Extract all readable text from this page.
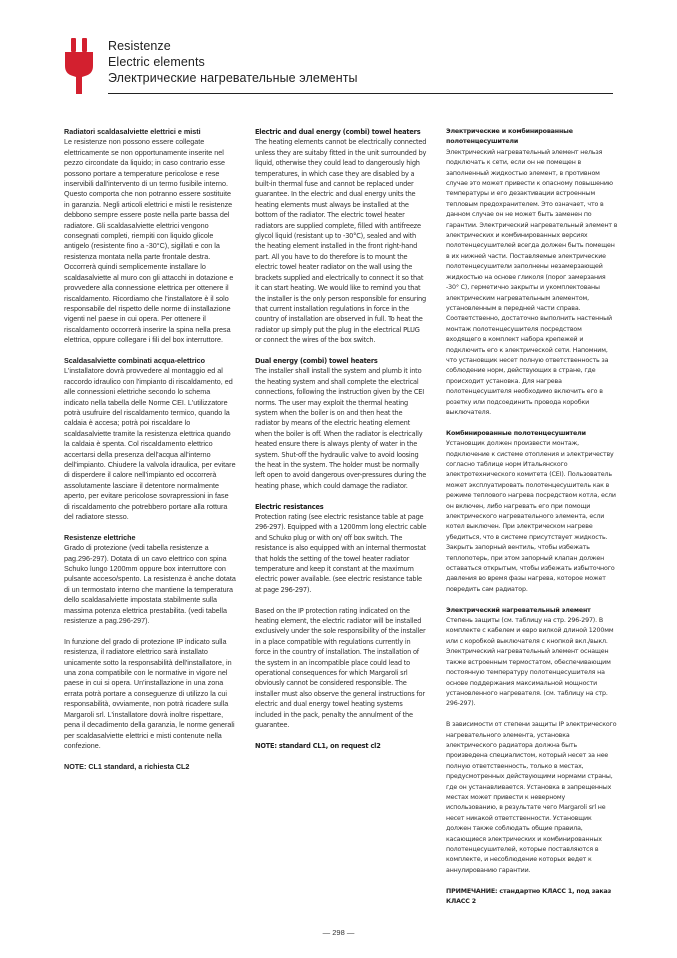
Resistenze
Electric elements
Электрические нагревательные элементы
Radiatori scaldasalviette elettrici e misti

Le resistenze non possono essere collegate elettricamente se non opportunamente inserite nel pezzo circondate da liquido; in caso contrario esse possono portare a temperature pericolose e rese inservibili dall'intervento di un termo fusibile interno. Questo comporta che non potranno essere sostituite in garanzia. Negli articoli elettrici e misti le resistenze debbono sempre essere poste nella parte bassa del radiatore. Gli scaldasalviette elettrici vengono consegnati completi, riempiti con liquido glicole antigelo (resistente fino a -30°C), sigillati e con la resistenza montata nella parte frontale destra. Occorrerà quindi semplicemente installare lo scaldasalviette al muro con gli attacchi in dotazione e provvedere alla connessione elettrica per ottenere il riscaldamento. Ricordiamo che l'installatore è il solo responsabile del rispetto delle norme di installazione vigenti nel paese in cui opera. Per ottenere il riscaldamento occorrerà inserire la spina nella presa elettrica, oppure collegare i fili del box interruttore.

Scaldasalviette combinati acqua-elettrico

L'installatore dovrà provvedere al montaggio ed al raccordo idraulico con l'impianto di riscaldamento, ed alle connessioni elettriche secondo lo schema indicato nella tabella delle Norme CEI. L'utilizzatore potrà usufruire del riscaldamento termico, quando la caldaia è accesa; potrà poi riscaldare lo scaldasalviette tramite la resistenza elettrica quando la caldaia è spenta. Col riscaldamento elettrico accertarsi della presenza dell'acqua all'interno dell'impianto. Chiudere la valvola idraulica, per evitare di disperdere il calore nell'impianto ed occorrerà assolutamente lasciare il detentore normalmente aperto, per evitare pericolose sovrapressioni in fase di riscaldamento che potrebbero portare alla rottura del radiatore stesso.

Resistenze elettriche

Grado di protezione (vedi tabella resistenze a pag.296-297). Dotata di un cavo elettrico con spina Schuko lungo 1200mm oppure box interruttore con pulsante acceso/spento. La resistenza è anche dotata di un termostato interno che mantiene la temperatura dello scaldasalviette impostata stabilmente sulla massima potenza elettrica prestabilita. (vedi tabella resistenze a pag.296-297).

In funzione del grado di protezione IP indicato sulla resistenza, il radiatore elettrico sarà installato unicamente sotto la responsabilità dell'installatore, in una zona compatibile con le normative in vigore nel paese in cui si opera. Un'installazione in una zona errata potrà portare a conseguenze di utilizzo la cui responsabilità, ovviamente, non potrà ricadere sulla Margaroli srl. L'installatore dovrà inoltre rispettare, pena il decadimento della garanzia, le norme generali per scaldasalviette elettrici e misti contenute nella confezione.

NOTE: CL1 standard, a richiesta CL2

Electric and dual energy (combi) towel heaters

The heating elements cannot be electrically connected unless they are suitaby fitted in the unit surrounded by liquid, otherwise they could lead to dangerously high temperatures, in which case they are disabled by a built-in thermal fuse and cannot be replaced under guarantee. In the electric and dual energy units the heating elements must always be installed at the bottom of the radiator. The electric towel heater radiators are supplied complete, filled with antifreeze glycol liquid (resistant up to -30°C), sealed and with the heating element installed in the front right-hand part. All you have to do therefore is to mount the electric towel heater radiator on the wall using the brackets supplied and electrically to connect it so that it can start heating. We would like to remind you that the installer is the only person responsible for ensuring that current installation regulations in force in the country of installation are observed in full. To heat the radiator up simply put the plug in the electrical PLUG or connect the wires of the box switch.

Dual energy (combi) towel heaters

The installer shall install the system and plumb it into the heating system and shall complete the electrical connections, following the instruction given by the CEI norms. The user may exploit the thermal heating system when the boiler is on and then heat the radiator by means of the electric heating element when the boiler is off. When the radiator is electrically heated ensure there is always plenty of water in the system. Shut-off the hydraulic valve to avoid loosing the heat in the system. The holder must be normally left open to avoid dangerous over-pressures during the heating phase, which could damage the radiator.

Electric resistances

Protection rating (see electric resistance table at page 296-297). Equipped with a 1200mm long electric cable and Schuko plug or with on/ off box switch. The resistance is also equipped with an internal thermostat that holds the setting of the towel heater radiator temperature and keep it constant at the maximum electric power available. (see electric resistance table at page 296-297).

Based on the IP protection rating indicated on the heating element, the electric radiator will be installed exclusively under the sole responsibility of the installer in a place compatible with regulations currently in force in the country of installation. The installation of the system in an incompatible place could lead to operational consequences for which Margaroli srl obviously cannot be considered responsible. The installer must also observe the general instructions for electric and dual energy towel heating systems included in the pack, penalty the annulment of the guarantee.

NOTE: standard CL1, on request cl2

Электрические и комбинированные полотенцесушители

Электрический нагревательный элемент нельзя подключать к сети, если он не помещен в заполненный жидкостью элемент, в противном случае это может привести к опасному повышению температуры и его дезактивации встроенным тепловым предохранителем. Это означает, что в данном случае он не может быть заменен по гарантии. Электрический нагревательный элемент в электрических и комбинированных версиях полотенцесушителей всегда должен быть помещен в их нижней части. Поставляемые электрические полотенцесушители заполнены незамерзающей жидкостью на основе гликоля (порог замерзания -30° С), герметично закрыты и укомплектованы электрическим нагревательным элементом, установленным в передней части справа. Соответственно, достаточно выполнить настенный монтаж полотенцесушителя посредством входящего в комплект набора крепежей и подключить его к электрической сети. Напомним, что установщик несет полную ответственность за соблюдение норм, действующих в стране, где происходит установка. Для нагрева полотенцесушителя необходимо включить его в розетку или подсоединить провода коробки выключателя.

Комбинированные полотенцесушители

Установщик должен произвести монтаж, подключение к системе отопления и электричеству согласно таблице норм Итальянского электротехнического комитета (CEI). Пользователь может эксплуатировать полотенцесушитель как в режиме теплового нагрева посредством котла, если он включен, либо нагревать его при помощи электрического нагревательного элемента, если котел выключен. При электрическом нагреве убедиться, что в системе присутствует жидкость. Закрыть запорный вентиль, чтобы избежать теплопотерь, при этом запорный клапан должен оставаться открытым, чтобы избежать избыточного давления во время фазы нагрева, которое может повредить сам радиатор.

Электрический нагревательный элемент

Степень защиты (см. таблицу на стр. 296-297). В комплекте с кабелем и евро вилкой длиной 1200мм или с коробкой выключателя с кнопкой вкл./выкл. Электрический нагревательный элемент оснащен также встроенным термостатом, обеспечивающим постоянную температуру полотенцесушителя на основе поддержания максимальной мощности установленного нагревателя. (см. таблицу на стр. 296-297).

В зависимости от степени защиты IP электрического нагревательного элемента, установка электрического радиатора должна быть произведена специалистом, который несет за нее полную ответственность, только в местах, предусмотренных действующими нормами страны, где он устанавливается. Установка в запрещенных местах может привести к неверному использованию, в результате чего Margaroli srl не несет никакой ответственности. Установщик должен также соблюдать общие правила, касающиеся электрических и комбинированных полотенцесушителей, которые поставляются в комплекте, и несоблюдение которых ведет к аннулированию гарантии.

ПРИМЕЧАНИЕ: стандартно КЛАСС 1, под заказ КЛАСС 2

— 298 —
